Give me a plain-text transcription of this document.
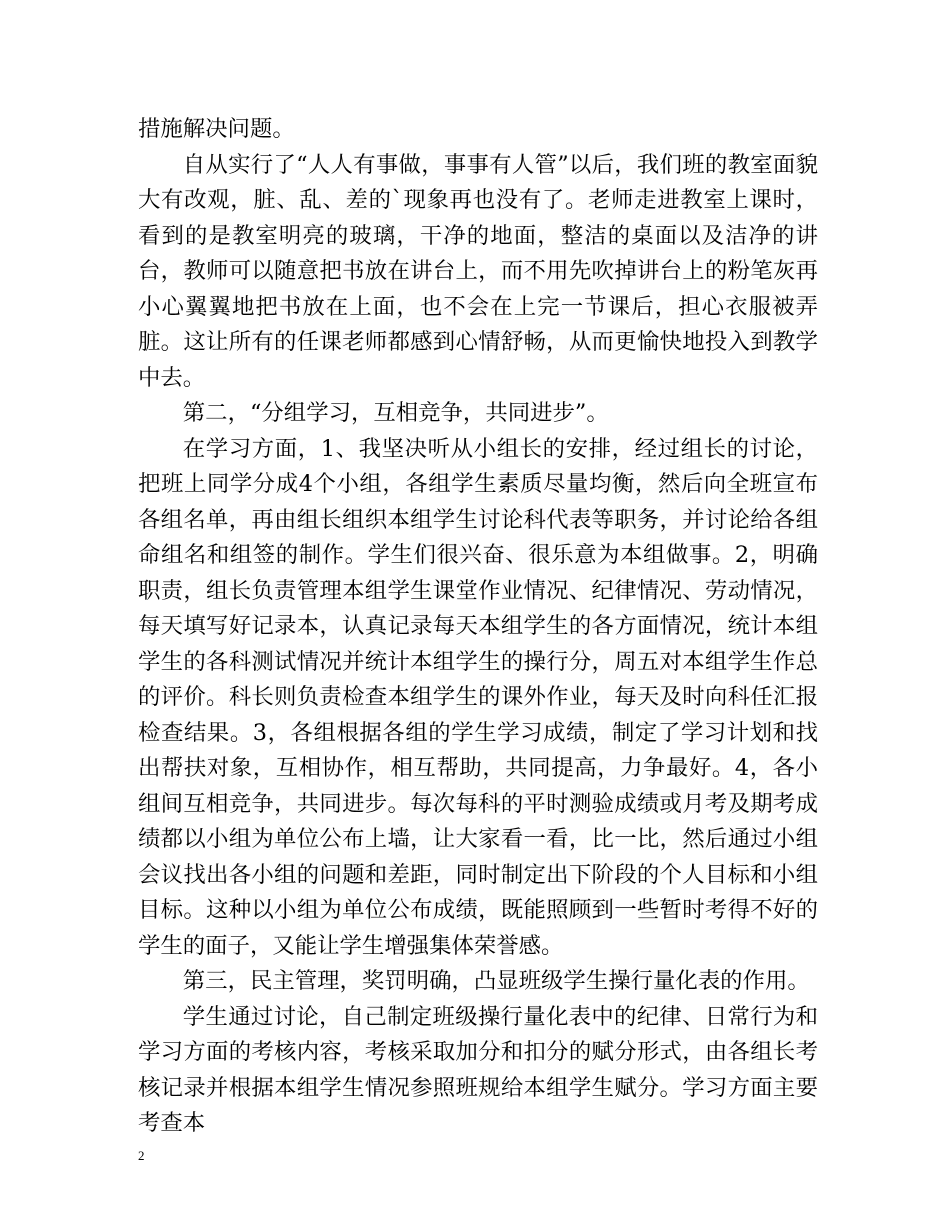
措施解决问题。

自从实行了“人人有事做，事事有人管”以后，我们班的教室面貌大有改观，脏、乱、差的`现象再也没有了。老师走进教室上课时，看到的是教室明亮的玻璃，干净的地面，整洁的桌面以及洁净的讲台，教师可以随意把书放在讲台上，而不用先吹掉讲台上的粉笔灰再小心翼翼地把书放在上面，也不会在上完一节课后，担心衣服被弄脏。这让所有的任课老师都感到心情舒畅，从而更愉快地投入到教学中去。

第二，“分组学习，互相竞争，共同进步”。

在学习方面，1、我坚决听从小组长的安排，经过组长的讨论，把班上同学分成4个小组，各组学生素质尽量均衡，然后向全班宣布各组名单，再由组长组织本组学生讨论科代表等职务，并讨论给各组命组名和组签的制作。学生们很兴奋、很乐意为本组做事。2，明确职责，组长负责管理本组学生课堂作业情况、纪律情况、劳动情况，每天填写好记录本，认真记录每天本组学生的各方面情况，统计本组学生的各科测试情况并统计本组学生的操行分，周五对本组学生作总的评价。科长则负责检查本组学生的课外作业，每天及时向科任汇报检查结果。3，各组根据各组的学生学习成绩，制定了学习计划和找出帮扶对象，互相协作，相互帮助，共同提高，力争最好。4，各小组间互相竞争，共同进步。每次每科的平时测验成绩或月考及期考成绩都以小组为单位公布上墙，让大家看一看，比一比，然后通过小组会议找出各小组的问题和差距，同时制定出下阶段的个人目标和小组目标。这种以小组为单位公布成绩，既能照顾到一些暂时考得不好的学生的面子，又能让学生增强集体荣誉感。

第三，民主管理，奖罚明确，凸显班级学生操行量化表的作用。

学生通过讨论，自己制定班级操行量化表中的纪律、日常行为和学习方面的考核内容，考核采取加分和扣分的赋分形式，由各组长考核记录并根据本组学生情况参照班规给本组学生赋分。学习方面主要考查本

2
